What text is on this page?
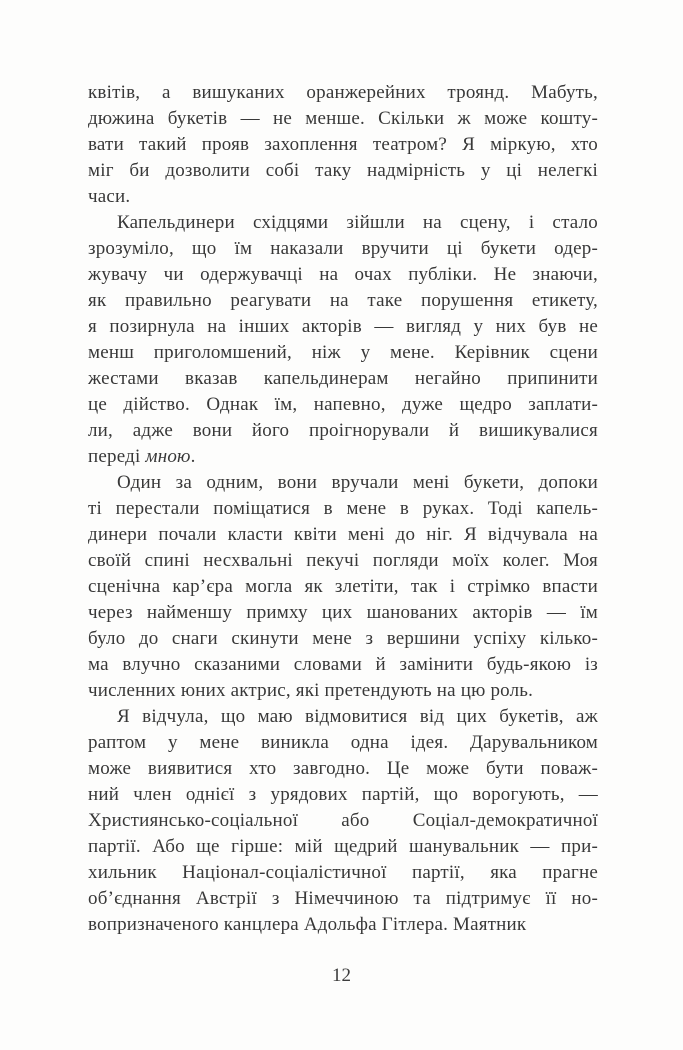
квітів, а вишуканих оранжерейних троянд. Мабуть,
дюжина букетів — не менше. Скільки ж може кошту-
вати такий прояв захоплення театром? Я міркую, хто
міг би дозволити собі таку надмірність у ці нелегкі
часи.

Капельдинери східцями зійшли на сцену, і стало
зрозуміло, що їм наказали вручити ці букети одер-
жувачу чи одержувачці на очах публіки. Не знаючи,
як правильно реагувати на таке порушення етикету,
я позирнула на інших акторів — вигляд у них був не
менш приголомшений, ніж у мене. Керівник сцени
жестами вказав капельдинерам негайно припинити
це дійство. Однак їм, напевно, дуже щедро заплати-
ли, адже вони його проігнорували й вишикувалися
переді мною.

Один за одним, вони вручали мені букети, допоки
ті перестали поміщатися в мене в руках. Тоді капель-
динери почали класти квіти мені до ніг. Я відчувала на
своїй спині несхвальні пекучі погляди моїх колег. Моя
сценічна кар’єра могла як злетіти, так і стрімко впасти
через найменшу примху цих шанованих акторів — їм
було до снаги скинути мене з вершини успіху кілько-
ма влучно сказаними словами й замінити будь-якою із
численних юних актрис, які претендують на цю роль.

Я відчула, що маю відмовитися від цих букетів, аж
раптом у мене виникла одна ідея. Дарувальником
може виявитися хто завгодно. Це може бути поваж-
ний член однієї з урядових партій, що ворогують, —
Християнсько-соціальної або Соціал-демократичної
партії. Або ще гірше: мій щедрий шанувальник — при-
хильник Націонал-соціалістичної партії, яка прагне
об’єднання Австрії з Німеччиною та підтримує її но-
вопризначеного канцлера Адольфа Гітлера. Маятник

12
